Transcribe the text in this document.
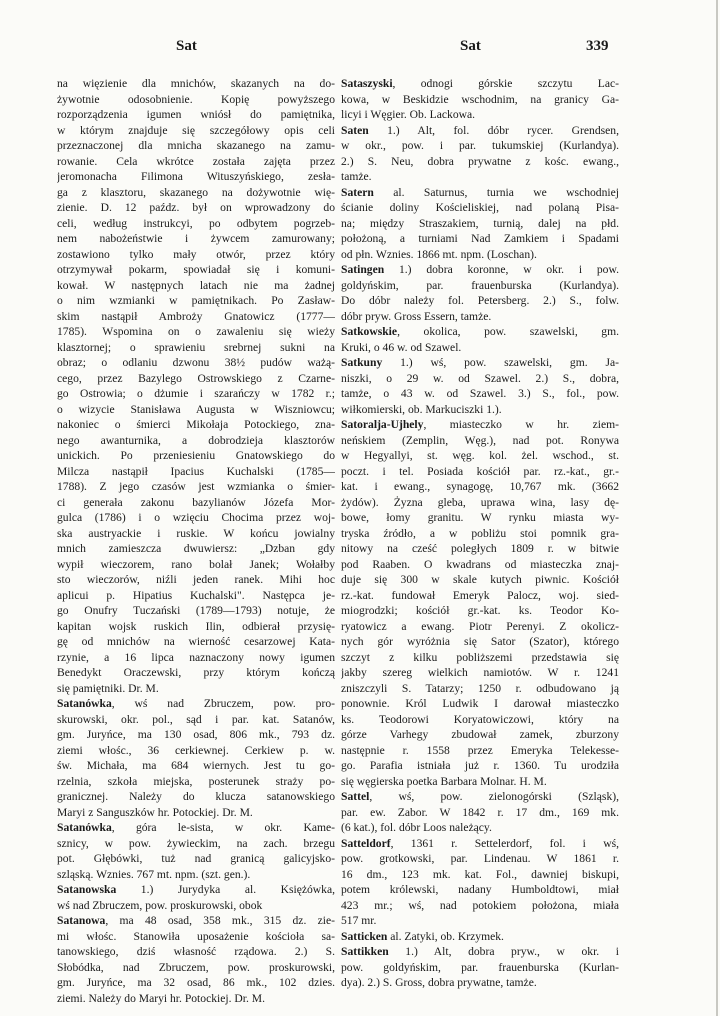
Sat	Sat	339
na więzienie dla mnichów, skazanych na do-
żywotnie odosobnienie. Kopię powyższego
rozporządzenia igumen wniósł do pamiętnika,
w którym znajduje się szczegółowy opis celi
przeznaczonej dla mnicha skazanego na zamu-
rowanie. Cela wkrótce została zajęta przez
jeromonacha Filimona Wituszyńskiego, zesła-
ga z klasztoru, skazanego na dożywotnie wię-
zienie. D. 12 paźdz. był on wprowadzony do
celi, według instrukcyi, po odbytem pogrzeb-
nem nabożeństwie i żywcem zamurowany;
zostawiono tylko mały otwór, przez który
otrzymywał pokarm, spowiadał się i komuni-
kował. W następnych latach nie ma żadnej
o nim wzmianki w pamiętnikach. Po Zasław-
skim nastąpił Ambroży Gnatowicz (1777—
1785). Wspomina on o zawaleniu się wieży
klasztornej; o sprawieniu srebrnej sukni na
obraz; o odlaniu dzwonu 38½ pudów ważą-
cego, przez Bazylego Ostrowskiego z Czarne-
go Ostrowia; o dżumie i szarańczy w 1782 r.;
o wizycie Stanisława Augusta w Wiszniowcu;
nakoniec o śmierci Mikołaja Potockiego, zna-
nego awanturnika, a dobrodzieja klasztorów
unickich. Po przeniesieniu Gnatowskiego do
Milcza nastąpił Ipacius Kuchalski (1785—
1788). Z jego czasów jest wzmianka o śmier-
ci generała zakonu bazylianów Józefa Mor-
gulca (1786) i o wzięciu Chocima przez woj-
ska austryackie i ruskie. W końcu jowialny
mnich zamieszcza dwuwiersz: „Dzban gdy
wypił wieczorem, rano bolał Janek; Wołałby
sto wieczorów, niźli jeden ranek. Mihi hoc
aplicui p. Hipatius Kuchalski". Następca je-
go Onufry Tuczański (1789—1793) notuje, że
kapitan wojsk ruskich Ilin, odbierał przysię-
gę od mnichów na wierność cesarzowej Kata-
rzynie, a 16 lipca naznaczony nowy igumen
Benedykt Oraczewski, przy którym kończą
się pamiętniki. Dr. M.
Satanówka, wś nad Zbruczem, pow. pro-
skurowski, okr. pol., sąd i par. kat. Satanów,
gm. Juryńce, ma 130 osad, 806 mk., 793 dz.
ziemi włośc., 36 cerkiewnej. Cerkiew p. w.
św. Michała, ma 684 wiernych. Jest tu go-
rzelnia, szkoła miejska, posterunek straży po-
granicznej. Należy do klucza satanowskiego
Maryi z Sanguszków hr. Potockiej. Dr. M.
Satanówka, góra le-sista, w okr. Kame-
sznicy, w pow. żywieckim, na zach. brzegu
pot. Głębówki, tuż nad granicą galicyjsko-
szląską. Wznies. 767 mt. npm. (szt. gen.).
Satanowska 1.) Jurydyka al. Księżówka,
wś nad Zbruczem, pow. proskurowski, obok
Satanowa, ma 48 osad, 358 mk., 315 dz. zie-
mi włośc. Stanowiła uposażenie kościoła sa-
tanowskiego, dziś własność rządowa. 2.) S.
Słobódka, nad Zbruczem, pow. proskurowski,
gm. Juryńce, ma 32 osad, 86 mk., 102 dzies.
ziemi. Należy do Maryi hr. Potockiej. Dr. M.
Sataszyski, odnogi górskie szczytu Lac-
kowa, w Beskidzie wschodnim, na granicy Ga-
licyi i Węgier. Ob. Lackowa.
Saten 1.) Alt, fol. dóbr rycer. Grendsen,
w okr., pow. i par. tukumskiej (Kurlandya).
2.) S. Neu, dobra prywatne z kośc. ewang.,
tamże.
Satern al. Saturnus, turnia we wschodniej
ścianie doliny Kościeliskiej, nad polaną Pisa-
na; między Straszakiem, turnią, dalej na płd.
położoną, a turniami Nad Zamkiem i Spadami
od płn. Wznies. 1866 mt. npm. (Loschan).
Satingen 1.) dobra koronne, w okr. i pow.
goldyńskim, par. frauenburska (Kurlandya).
Do dóbr należy fol. Petersberg. 2.) S., folw.
dóbr pryw. Gross Essern, tamże.
Satkowskie, okolica, pow. szawelski, gm.
Kruki, o 46 w. od Szawel.
Satkuny 1.) wś, pow. szawelski, gm. Ja-
niszki, o 29 w. od Szawel. 2.) S., dobra,
tamże, o 43 w. od Szawel. 3.) S., fol., pow.
wiłkomierski, ob. Markuciszki 1.).
Satoralja-Ujhely, miasteczko w hr. ziem-
neńskiem (Zemplin, Węg.), nad pot. Ronywa
w Hegyallyi, st. węg. kol. żel. wschod., st.
poczt. i tel. Posiada kościół par. rz.-kat., gr.-
kat. i ewang., synagogę, 10,767 mk. (3662
żydów). Żyzna gleba, uprawa wina, lasy dę-
bowe, łomy granitu. W rynku miasta wy-
tryska źródło, a w pobliżu stoi pomnik gra-
nitowy na cześć poległych 1809 r. w bitwie
pod Raaben. O kwadrans od miasteczka znaj-
duje się 300 w skale kutych piwnic. Kościół
rz.-kat. fundował Emeryk Palocz, woj. sied-
miogrodzki; kościół gr.-kat. ks. Teodor Ko-
ryatowicz a ewang. Piotr Perenyi. Z okolicz-
nych gór wyróżnia się Sator (Szator), którego
szczyt z kilku pobliższemi przedstawia się
jakby szereg wielkich namiotów. W r. 1241
zniszczyli S. Tatarzy; 1250 r. odbudowano ją
ponownie. Król Ludwik I darował miasteczko
ks. Teodorowi Koryatowiczowi, który na
górze Varhegy zbudował zamek, zburzony
następnie r. 1558 przez Emeryka Telekesse-
go. Parafia istniała już r. 1360. Tu urodziła
się węgierska poetka Barbara Molnar. H. M.
Sattel, wś, pow. zielonogórski (Szląsk),
par. ew. Zabor. W 1842 r. 17 dm., 169 mk.
(6 kat.), fol. dóbr Loos należący.
Satteldorf, 1361 r. Settelerdorf, fol. i wś,
pow. grotkowski, par. Lindenau. W 1861 r.
16 dm., 123 mk. kat. Fol., dawniej biskupi,
potem królewski, nadany Humboldtowi, miał
423 mr.; wś, nad potokiem położona, miała
517 mr.
Satticken al. Zatyki, ob. Krzymek.
Sattikken 1.) Alt, dobra pryw., w okr. i
pow. goldyńskim, par. frauenburska (Kurlan-
dya). 2.) S. Gross, dobra prywatne, tamże.
